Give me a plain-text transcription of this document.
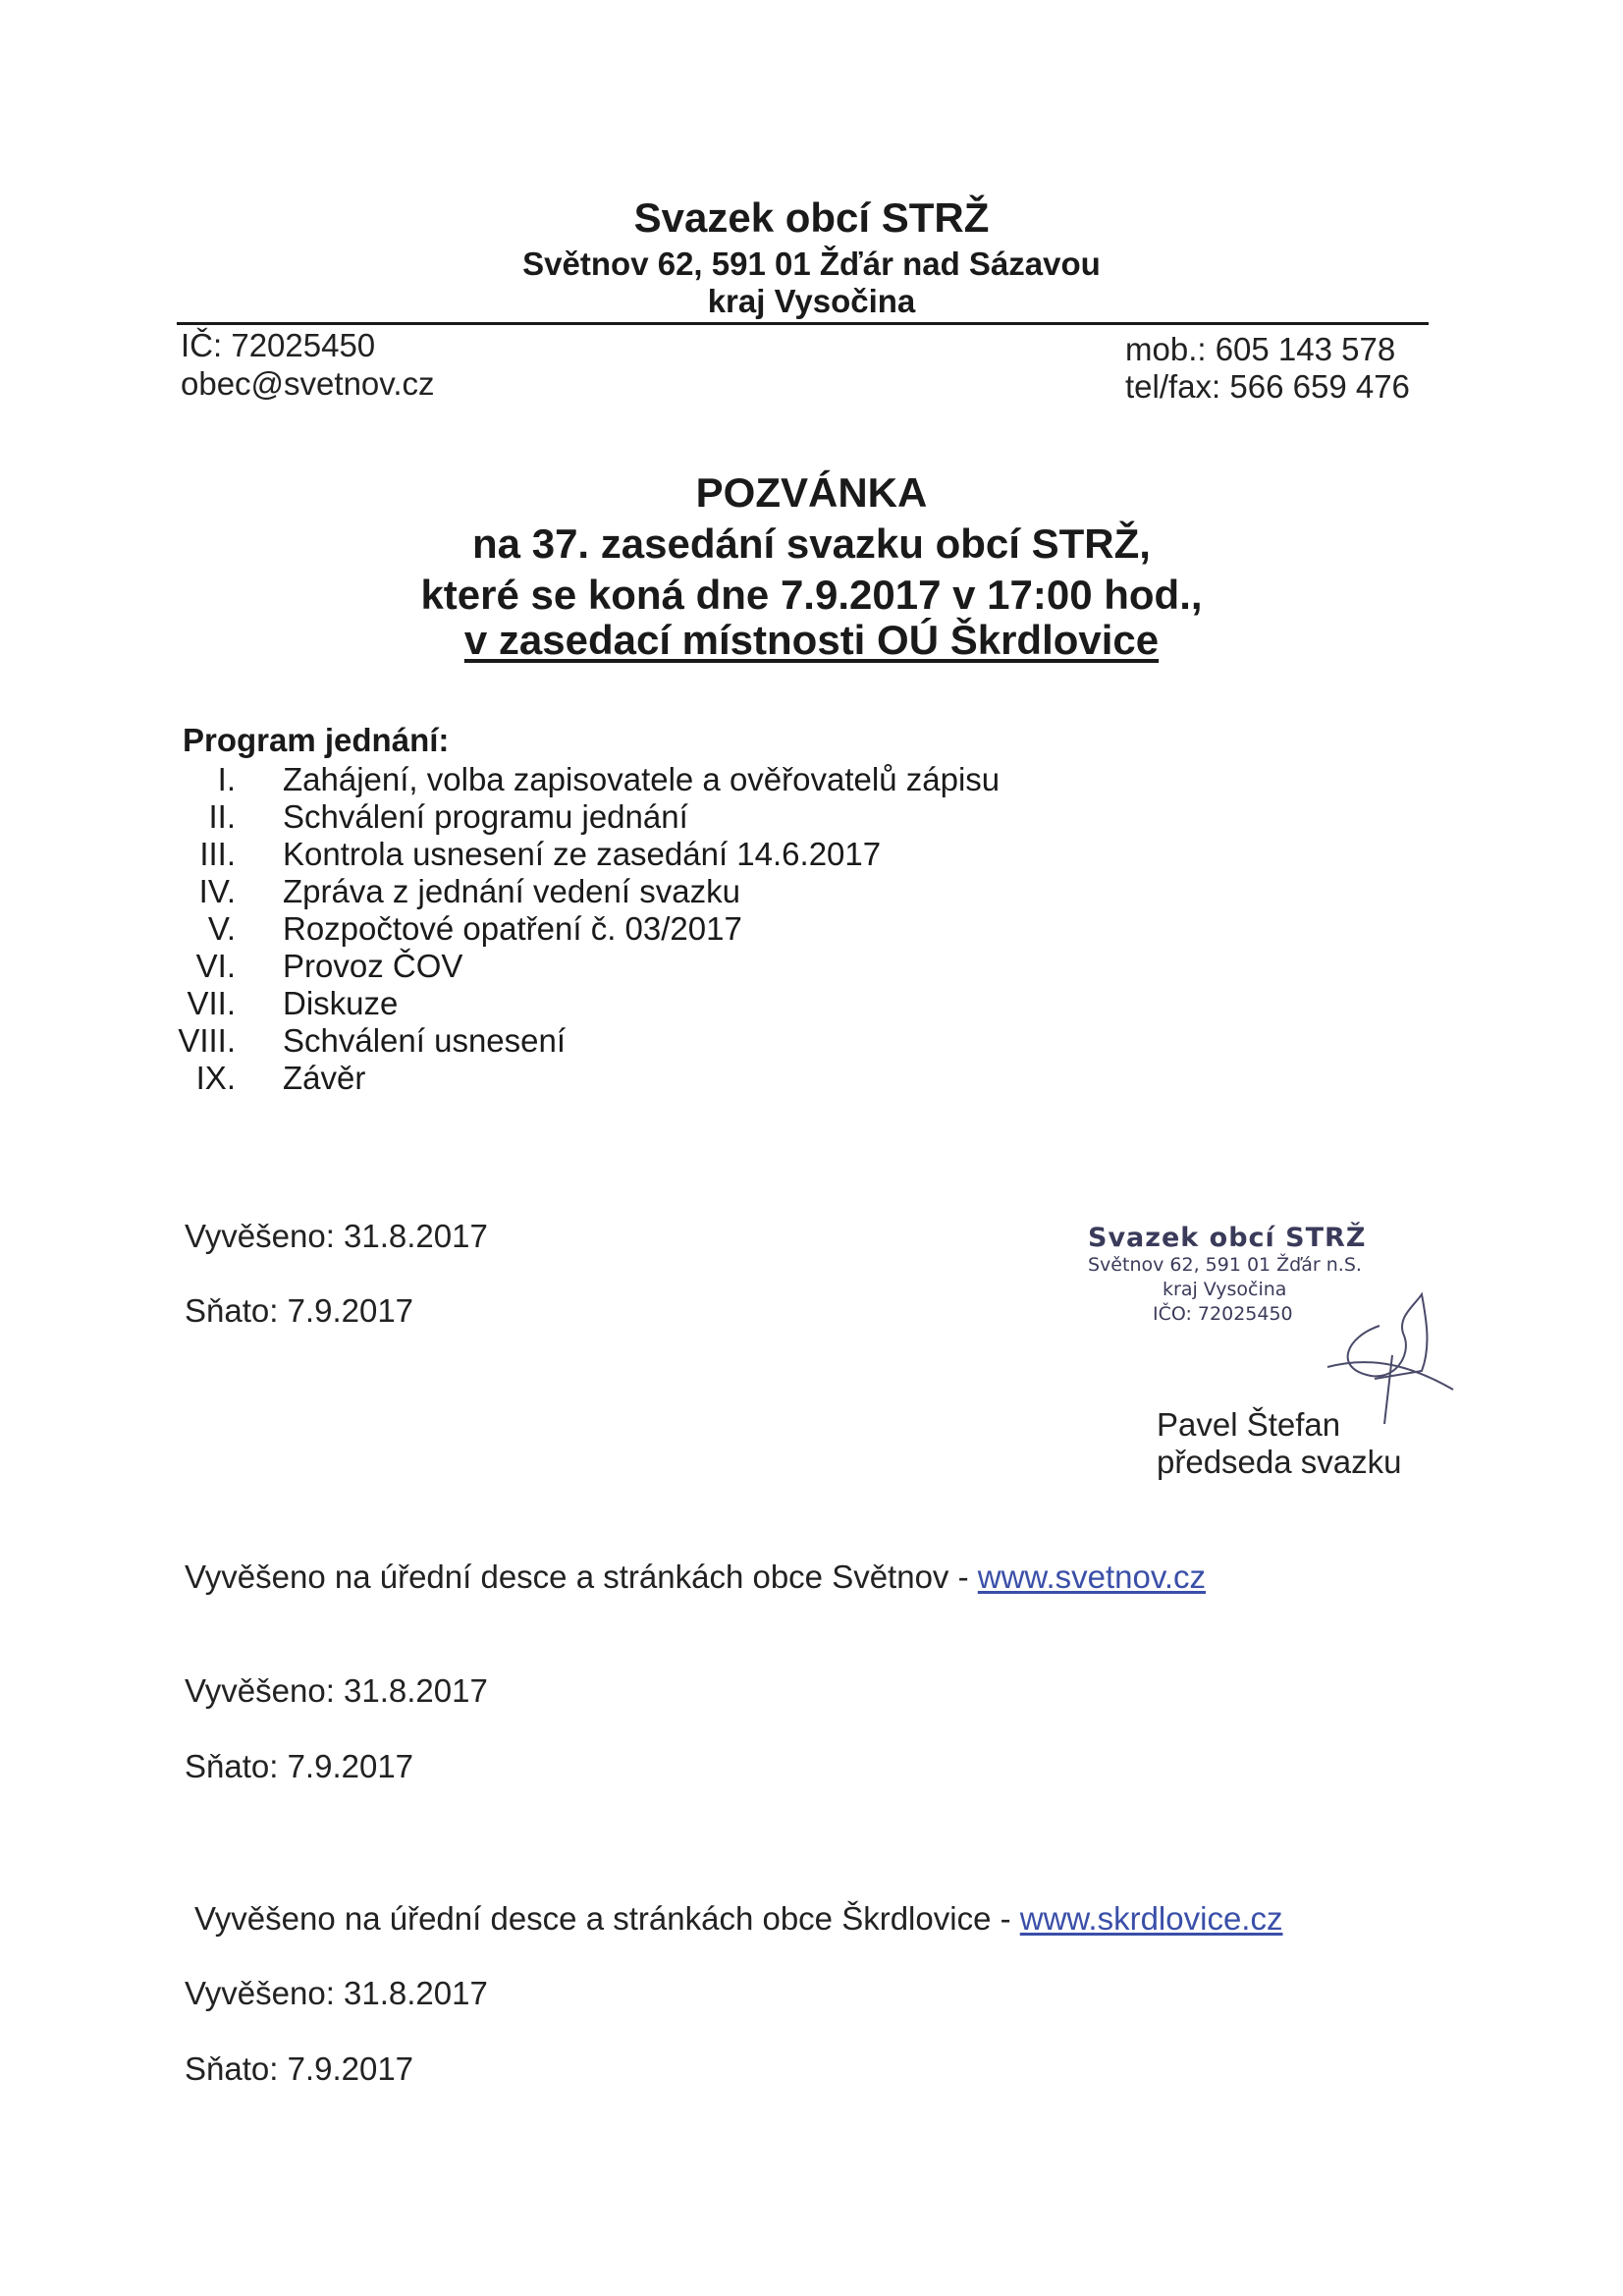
Svazek obcí STRŽ
Světnov 62, 591 01 Žďár nad Sázavou
kraj Vysočina
IČ: 72025450
obec@svetnov.cz
mob.: 605 143 578
tel/fax: 566 659 476
POZVÁNKA
na 37. zasedání svazku obcí STRŽ,
které se koná dne 7.9.2017 v 17:00 hod.,
v zasedací místnosti OÚ Škrdlovice
Program jednání:
I. Zahájení, volba zapisovatele a ověřovatelů zápisu
II. Schválení programu jednání
III. Kontrola usnesení ze zasedání 14.6.2017
IV. Zpráva z jednání vedení svazku
V. Rozpočtové opatření č. 03/2017
VI. Provoz ČOV
VII. Diskuze
VIII. Schválení usnesení
IX. Závěr
Vyvěšeno: 31.8.2017
Sňato: 7.9.2017
Svazek obcí STRŽ
Světnov 62, 591 01 Žďár n.S.
kraj Vysočina
IČO: 72025450
Pavel Štefan
předseda svazku
Vyvěšeno na úřední desce a stránkách obce Světnov - www.svetnov.cz
Vyvěšeno: 31.8.2017
Sňato: 7.9.2017
Vyvěšeno na úřední desce a stránkách obce Škrdlovice - www.skrdlovice.cz
Vyvěšeno: 31.8.2017
Sňato: 7.9.2017
